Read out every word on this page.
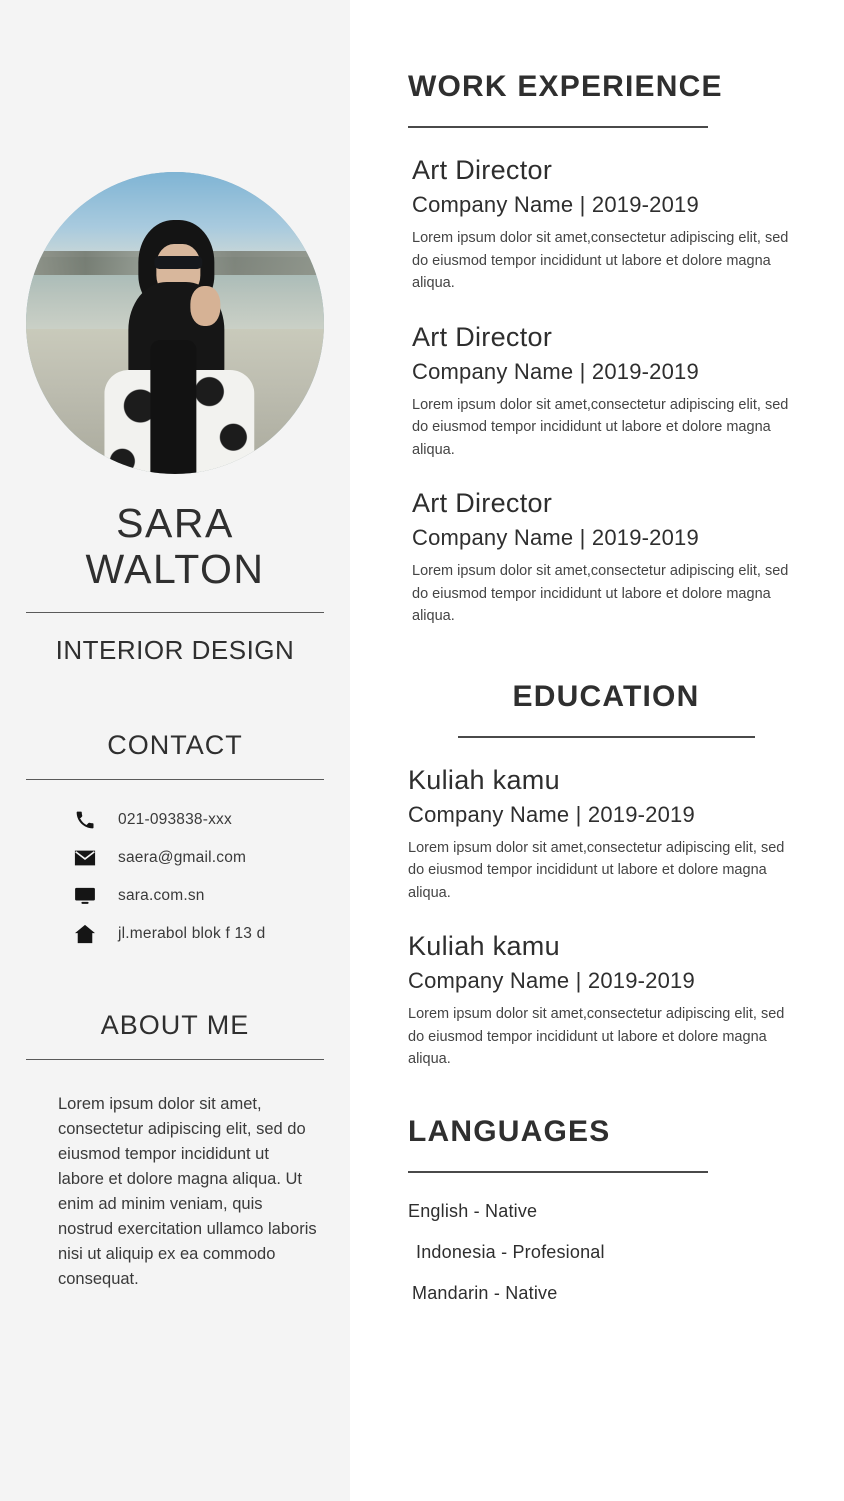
SARA
WALTON
INTERIOR DESIGN
CONTACT
021-093838-xxx
saera@gmail.com
sara.com.sn
jl.merabol blok f 13 d
ABOUT ME

Lorem ipsum dolor sit amet, consectetur adipiscing elit, sed do eiusmod tempor incididunt ut labore et dolore magna aliqua. Ut enim ad minim veniam, quis nostrud exercitation ullamco laboris nisi ut aliquip ex ea commodo consequat.

WORK EXPERIENCE
Art Director
Company Name | 2019-2019

Lorem ipsum dolor sit amet,consectetur adipiscing elit, sed do eiusmod tempor incididunt ut labore et dolore magna aliqua.

Art Director
Company Name | 2019-2019

Lorem ipsum dolor sit amet,consectetur adipiscing elit, sed do eiusmod tempor incididunt ut labore et dolore magna aliqua.

Art Director
Company Name | 2019-2019

Lorem ipsum dolor sit amet,consectetur adipiscing elit, sed do eiusmod tempor incididunt ut labore et dolore magna aliqua.

EDUCATION
Kuliah kamu
Company Name | 2019-2019

Lorem ipsum dolor sit amet,consectetur adipiscing elit, sed do eiusmod tempor incididunt ut labore et dolore magna aliqua.

Kuliah kamu
Company Name | 2019-2019

Lorem ipsum dolor sit amet,consectetur adipiscing elit, sed do eiusmod tempor incididunt ut labore et dolore magna aliqua.

LANGUAGES
English - Native
Indonesia - Profesional
Mandarin - Native
